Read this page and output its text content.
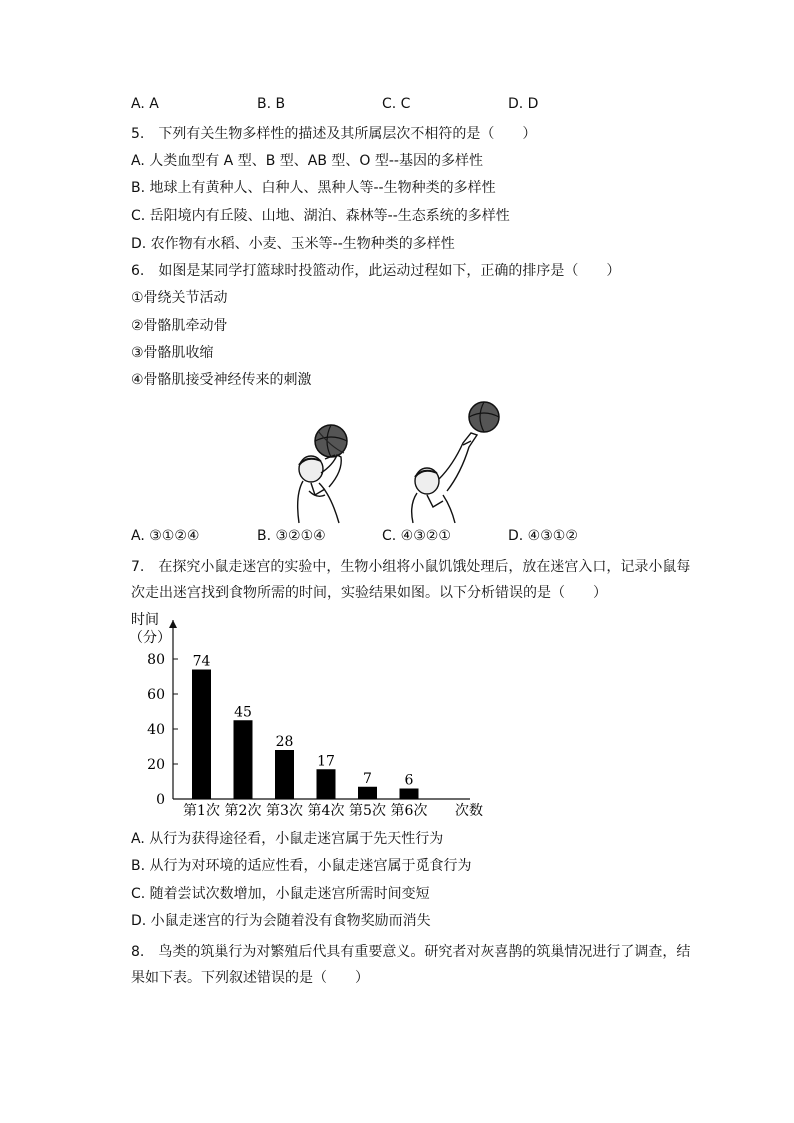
A. A	B. B	C. C	D. D
5.　下列有关生物多样性的描述及其所属层次不相符的是（　　）
A. 人类血型有 A 型、B 型、AB 型、O 型--基因的多样性
B. 地球上有黄种人、白种人、黑种人等--生物种类的多样性
C. 岳阳境内有丘陵、山地、湖泊、森林等--生态系统的多样性
D. 农作物有水稻、小麦、玉米等--生物种类的多样性
6.　如图是某同学打篮球时投篮动作，此运动过程如下，正确的排序是（　　）
①骨绕关节活动
②骨骼肌牵动骨
③骨骼肌收缩
④骨骼肌接受神经传来的刺激
A. ③①②④	B. ③②①④	C. ④③②①	D. ④③①②
7.　在探究小鼠走迷宫的实验中，生物小组将小鼠饥饿处理后，放在迷宫入口，记录小鼠每
次走出迷宫找到食物所需的时间，实验结果如图。以下分析错误的是（　　）
时间
（分）
次数
0
20
40
60
80 74
第1次
45
第2次
28
第3次
17
第4次
7
第5次
6
第6次
A. 从行为获得途径看，小鼠走迷宫属于先天性行为
B. 从行为对环境的适应性看，小鼠走迷宫属于觅食行为
C. 随着尝试次数增加，小鼠走迷宫所需时间变短
D. 小鼠走迷宫的行为会随着没有食物奖励而消失
8.　鸟类的筑巢行为对繁殖后代具有重要意义。研究者对灰喜鹊的筑巢情况进行了调查，结
果如下表。下列叙述错误的是（　　）
